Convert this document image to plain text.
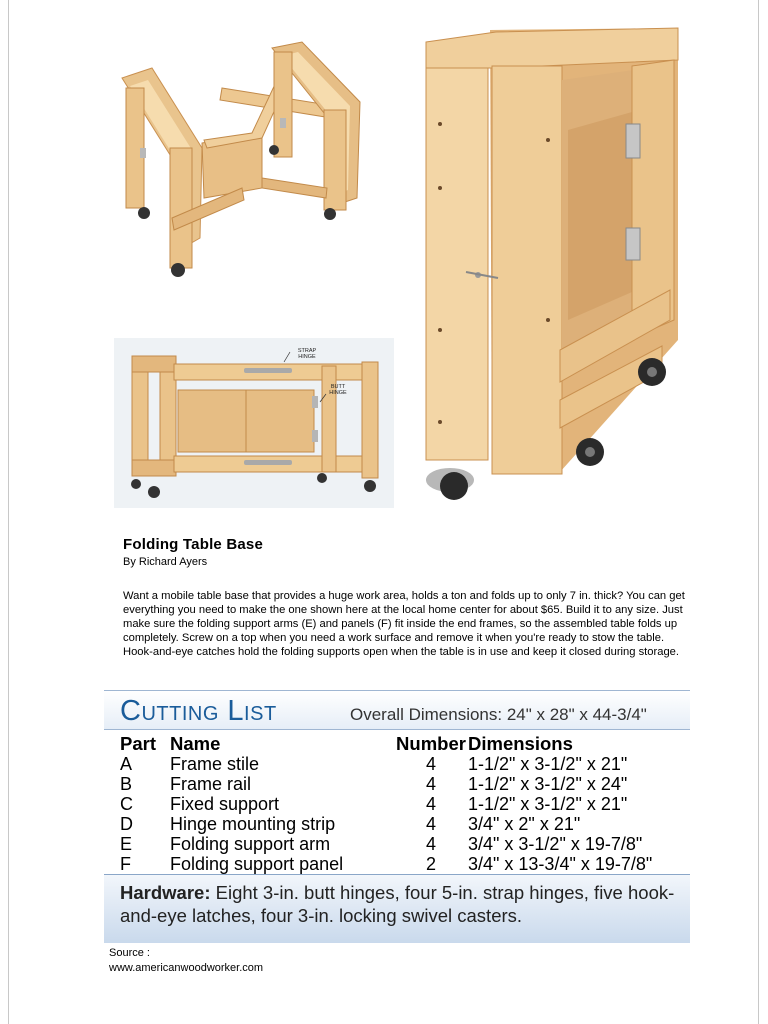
STRAP HINGE
BUTT HINGE
Folding Table Base
By Richard Ayers
Want a mobile table base that provides a huge work area, holds a ton and folds up to only 7 in. thick? You can get everything you need to make the one shown here at the local home center for about $65. Build it to any size. Just make sure the folding support arms (E) and panels (F) fit inside the end frames, so the assembled table folds up completely. Screw on a top when you need a work surface and remove it when you're ready to stow the table. Hook-and-eye catches hold the folding supports open when the table is in use and keep it closed during storage.
Cutting List	Overall Dimensions: 24" x 28" x 44-3/4"
Part Name	Number Dimensions
A Frame stile	4	1-1/2" x 3-1/2" x 21"
B Frame rail	4	1-1/2" x 3-1/2" x 24"
C Fixed support	4	1-1/2" x 3-1/2" x 21"
D Hinge mounting strip	4	3/4" x 2" x 21"
E Folding support arm	4	3/4" x 3-1/2" x 19-7/8"
F Folding support panel	2	3/4" x 13-3/4" x 19-7/8"
Hardware: Eight 3-in. butt hinges, four 5-in. strap hinges, five hook-and-eye latches, four 3-in. locking swivel casters.
Source :
www.americanwoodworker.com
